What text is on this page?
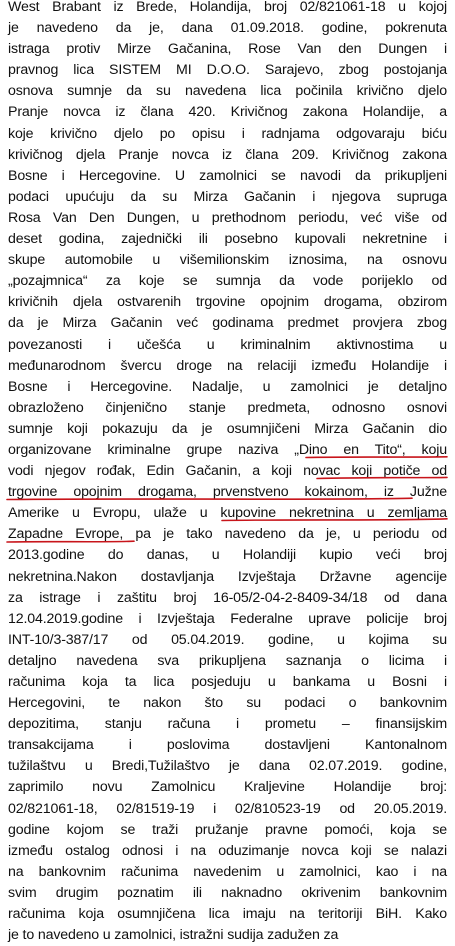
West Brabant iz Brede, Holandija, broj 02/821061-18 u kojoj
je navedeno da je, dana 01.09.2018. godine, pokrenuta
istraga protiv Mirze Gačanina, Rose Van den Dungen i
pravnog lica SISTEM MI D.O.O. Sarajevo, zbog postojanja
osnova sumnje da su navedena lica počinila krivično djelo
Pranje novca iz člana 420. Krivičnog zakona Holandije, a
koje krivično djelo po opisu i radnjama odgovaraju biću
krivičnog djela Pranje novca iz člana 209. Krivičnog zakona
Bosne i Hercegovine. U zamolnici se navodi da prikupljeni
podaci upućuju da su Mirza Gačanin i njegova supruga
Rosa Van Den Dungen, u prethodnom periodu, već više od
deset godina, zajednički ili posebno kupovali nekretnine i
skupe automobile u višemilionskim iznosima, na osnovu
„pozajmnica“ za koje se sumnja da vode porijeklo od
krivičnih djela ostvarenih trgovine opojnim drogama, obzirom
da je Mirza Gačanin već godinama predmet provjera zbog
povezanosti i učešća u kriminalnim aktivnostima u
međunarodnom švercu droge na relaciji između Holandije i
Bosne i Hercegovine. Nadalje, u zamolnici je detaljno
obrazloženo činjenično stanje predmeta, odnosno osnovi
sumnje koji pokazuju da je osumnjičeni Mirza Gačanin dio
organizovane kriminalne grupe naziva „Dino en Tito“, koju
vodi njegov rođak, Edin Gačanin, a koji novac koji potiče od
trgovine opojnim drogama, prvenstveno kokainom, iz Južne
Amerike u Evropu, ulaže u kupovine nekretnina u zemljama
Zapadne Evrope, pa je tako navedeno da je, u periodu od
2013.godine do danas, u Holandiji kupio veći broj
nekretnina.Nakon dostavljanja Izvještaja Državne agencije
za istrage i zaštitu broj 16-05/2-04-2-8409-34/18 od dana
12.04.2019.godine i Izvještaja Federalne uprave policije broj
INT-10/3-387/17 od 05.04.2019. godine, u kojima su
detaljno navedena sva prikupljena saznanja o licima i
računima koja ta lica posjeduju u bankama u Bosni i
Hercegovini, te nakon što su podaci o bankovnim
depozitima, stanju računa i prometu – finansijskim
transakcijama i poslovima dostavljeni Kantonalnom
tužilaštvu u Bredi,Tužilaštvo je dana 02.07.2019. godine,
zaprimilo novu Zamolnicu Kraljevine Holandije broj:
02/821061-18, 02/81519-19 i 02/810523-19 od 20.05.2019.
godine kojom se traži pružanje pravne pomoći, koja se
između ostalog odnosi i na oduzimanje novca koji se nalazi
na bankovnim računima navedenim u zamolnici, kao i na
svim drugim poznatim ili naknadno okrivenim bankovnim
računima koja osumnjičena lica imaju na teritoriji BiH. Kako
je to navedeno u zamolnici, istražni sudija zadužen za
